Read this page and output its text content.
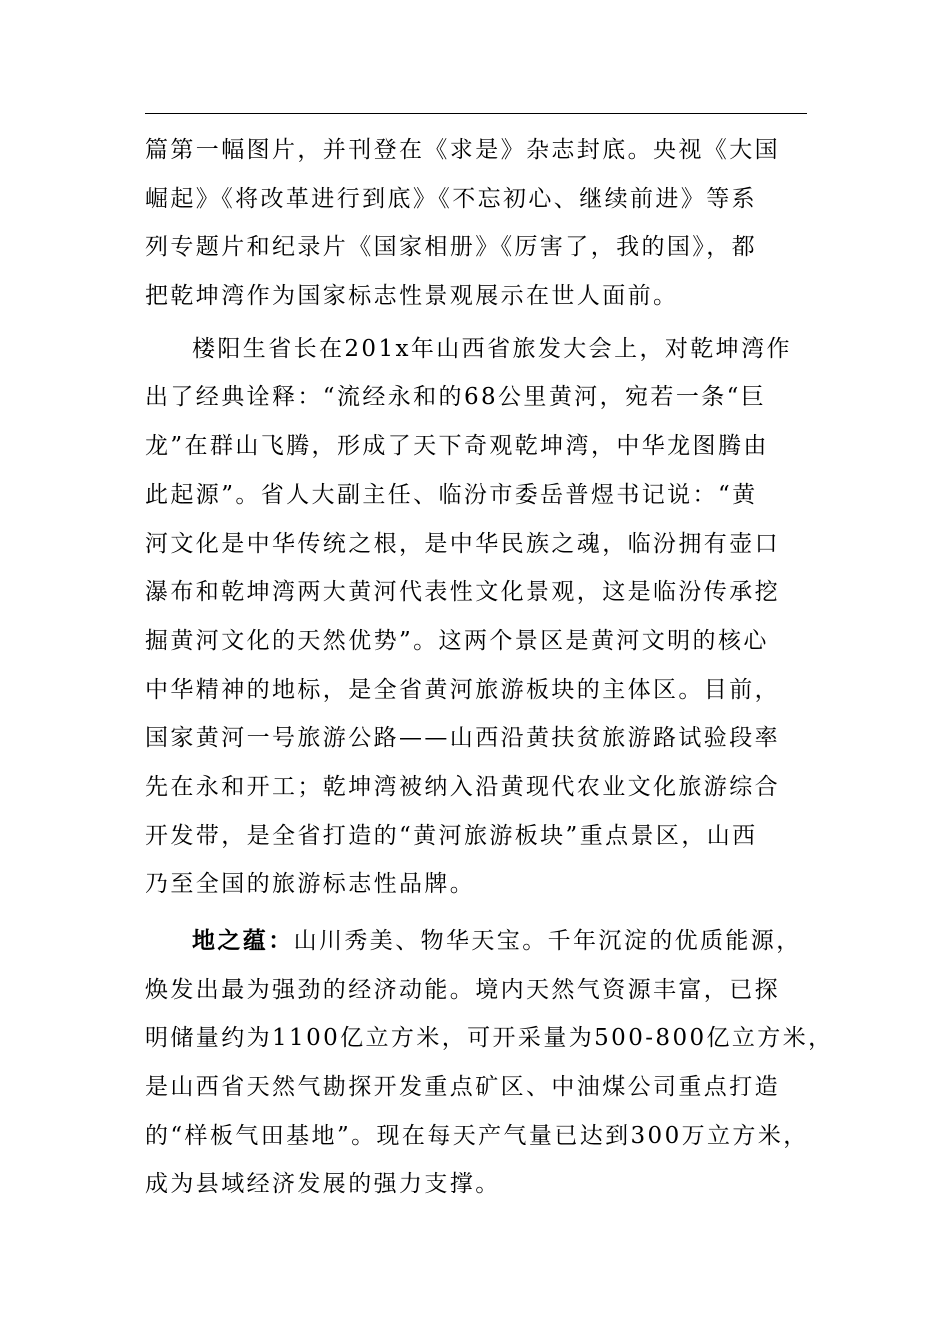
篇第一幅图片，并刊登在《求是》杂志封底。央视《大国
崛起》《将改革进行到底》《不忘初心、继续前进》等系
列专题片和纪录片《国家相册》《厉害了，我的国》，都
把乾坤湾作为国家标志性景观展示在世人面前。
楼阳生省长在201x年山西省旅发大会上，对乾坤湾作
出了经典诠释：“流经永和的68公里黄河，宛若一条“巨
龙”在群山飞腾，形成了天下奇观乾坤湾，中华龙图腾由
此起源”。省人大副主任、临汾市委岳普煜书记说：“黄
河文化是中华传统之根，是中华民族之魂，临汾拥有壶口
瀑布和乾坤湾两大黄河代表性文化景观，这是临汾传承挖
掘黄河文化的天然优势”。这两个景区是黄河文明的核心
中华精神的地标，是全省黄河旅游板块的主体区。目前，
国家黄河一号旅游公路——山西沿黄扶贫旅游路试验段率
先在永和开工；乾坤湾被纳入沿黄现代农业文化旅游综合
开发带，是全省打造的“黄河旅游板块”重点景区，山西
乃至全国的旅游标志性品牌。
地之蕴：山川秀美、物华天宝。千年沉淀的优质能源，
焕发出最为强劲的经济动能。境内天然气资源丰富，已探
明储量约为1100亿立方米，可开采量为500-800亿立方米，
是山西省天然气勘探开发重点矿区、中油煤公司重点打造
的“样板气田基地”。现在每天产气量已达到300万立方米，
成为县域经济发展的强力支撑。
